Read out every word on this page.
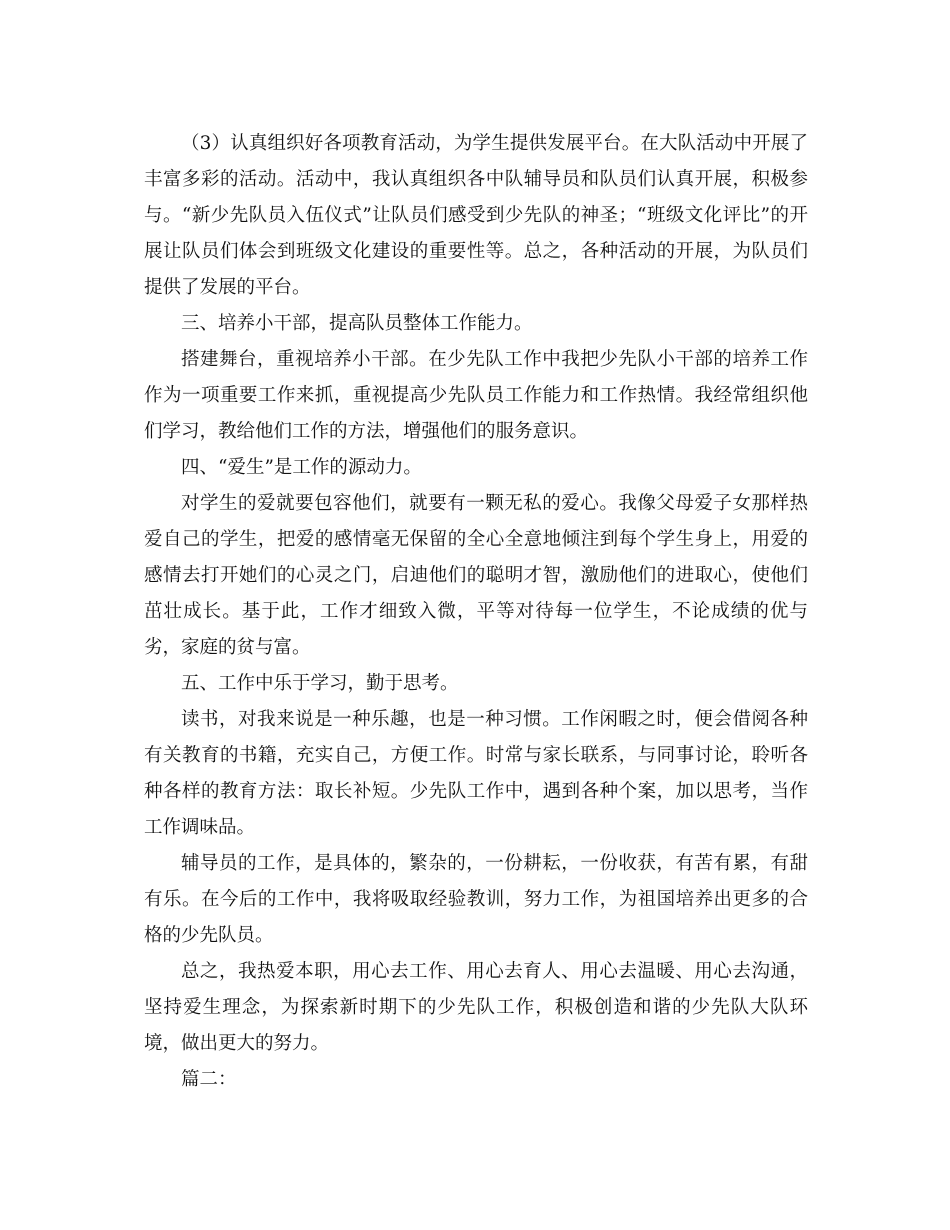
（3）认真组织好各项教育活动，为学生提供发展平台。在大队活动中开展了丰富多彩的活动。活动中，我认真组织各中队辅导员和队员们认真开展，积极参与。“新少先队员入伍仪式”让队员们感受到少先队的神圣；“班级文化评比”的开展让队员们体会到班级文化建设的重要性等。总之，各种活动的开展，为队员们提供了发展的平台。

三、培养小干部，提高队员整体工作能力。

搭建舞台，重视培养小干部。在少先队工作中我把少先队小干部的培养工作作为一项重要工作来抓，重视提高少先队员工作能力和工作热情。我经常组织他们学习，教给他们工作的方法，增强他们的服务意识。

四、“爱生”是工作的源动力。

对学生的爱就要包容他们，就要有一颗无私的爱心。我像父母爱子女那样热爱自己的学生，把爱的感情毫无保留的全心全意地倾注到每个学生身上，用爱的感情去打开她们的心灵之门，启迪他们的聪明才智，激励他们的进取心，使他们茁壮成长。基于此，工作才细致入微，平等对待每一位学生，不论成绩的优与劣，家庭的贫与富。

五、工作中乐于学习，勤于思考。

读书，对我来说是一种乐趣，也是一种习惯。工作闲暇之时，便会借阅各种有关教育的书籍，充实自己，方便工作。时常与家长联系，与同事讨论，聆听各种各样的教育方法：取长补短。少先队工作中，遇到各种个案，加以思考，当作工作调味品。

辅导员的工作，是具体的，繁杂的，一份耕耘，一份收获，有苦有累，有甜有乐。在今后的工作中，我将吸取经验教训，努力工作，为祖国培养出更多的合格的少先队员。

总之，我热爱本职，用心去工作、用心去育人、用心去温暖、用心去沟通，坚持爱生理念，为探索新时期下的少先队工作，积极创造和谐的少先队大队环境，做出更大的努力。

篇二：
